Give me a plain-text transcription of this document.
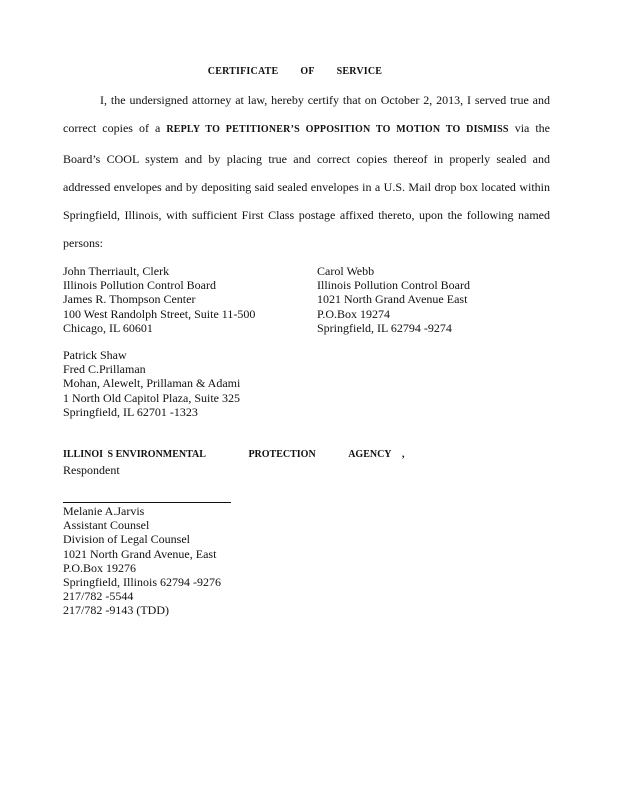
CERTIFICATE OF SERVICE

I, the undersigned attorney at law, hereby certify that on October 2, 2013, I served true and correct copies of a REPLY TO PETITIONER’S OPPOSITION TO MOTION TO DISMISS via the Board’s COOL system and by placing true and correct copies thereof in properly sealed and addressed envelopes and by depositing said sealed envelopes in a U.S. Mail drop box located within Springfield, Illinois, with sufficient First Class postage affixed thereto, upon the following named persons:

John Therriault, Clerk
Illinois Pollution Control Board
James R. Thompson Center
100 West Randolph Street, Suite 11-500
Chicago, IL 60601
Carol Webb
Illinois Pollution Control Board
1021 North Grand Avenue East
P.O.Box 19274
Springfield, IL 62794 -9274
Patrick Shaw
Fred C.Prillaman
Mohan, Alewelt, Prillaman & Adami
1 North Old Capitol Plaza, Suite 325
Springfield, IL 62701 -1323
ILLINOI S ENVIRONMENTAL	PROTECTION	AGENCY ,
Respondent
Melanie A.Jarvis
Assistant Counsel
Division of Legal Counsel
1021 North Grand Avenue, East
P.O.Box 19276
Springfield, Illinois 62794 -9276
217/782 -5544
217/782 -9143 (TDD)
